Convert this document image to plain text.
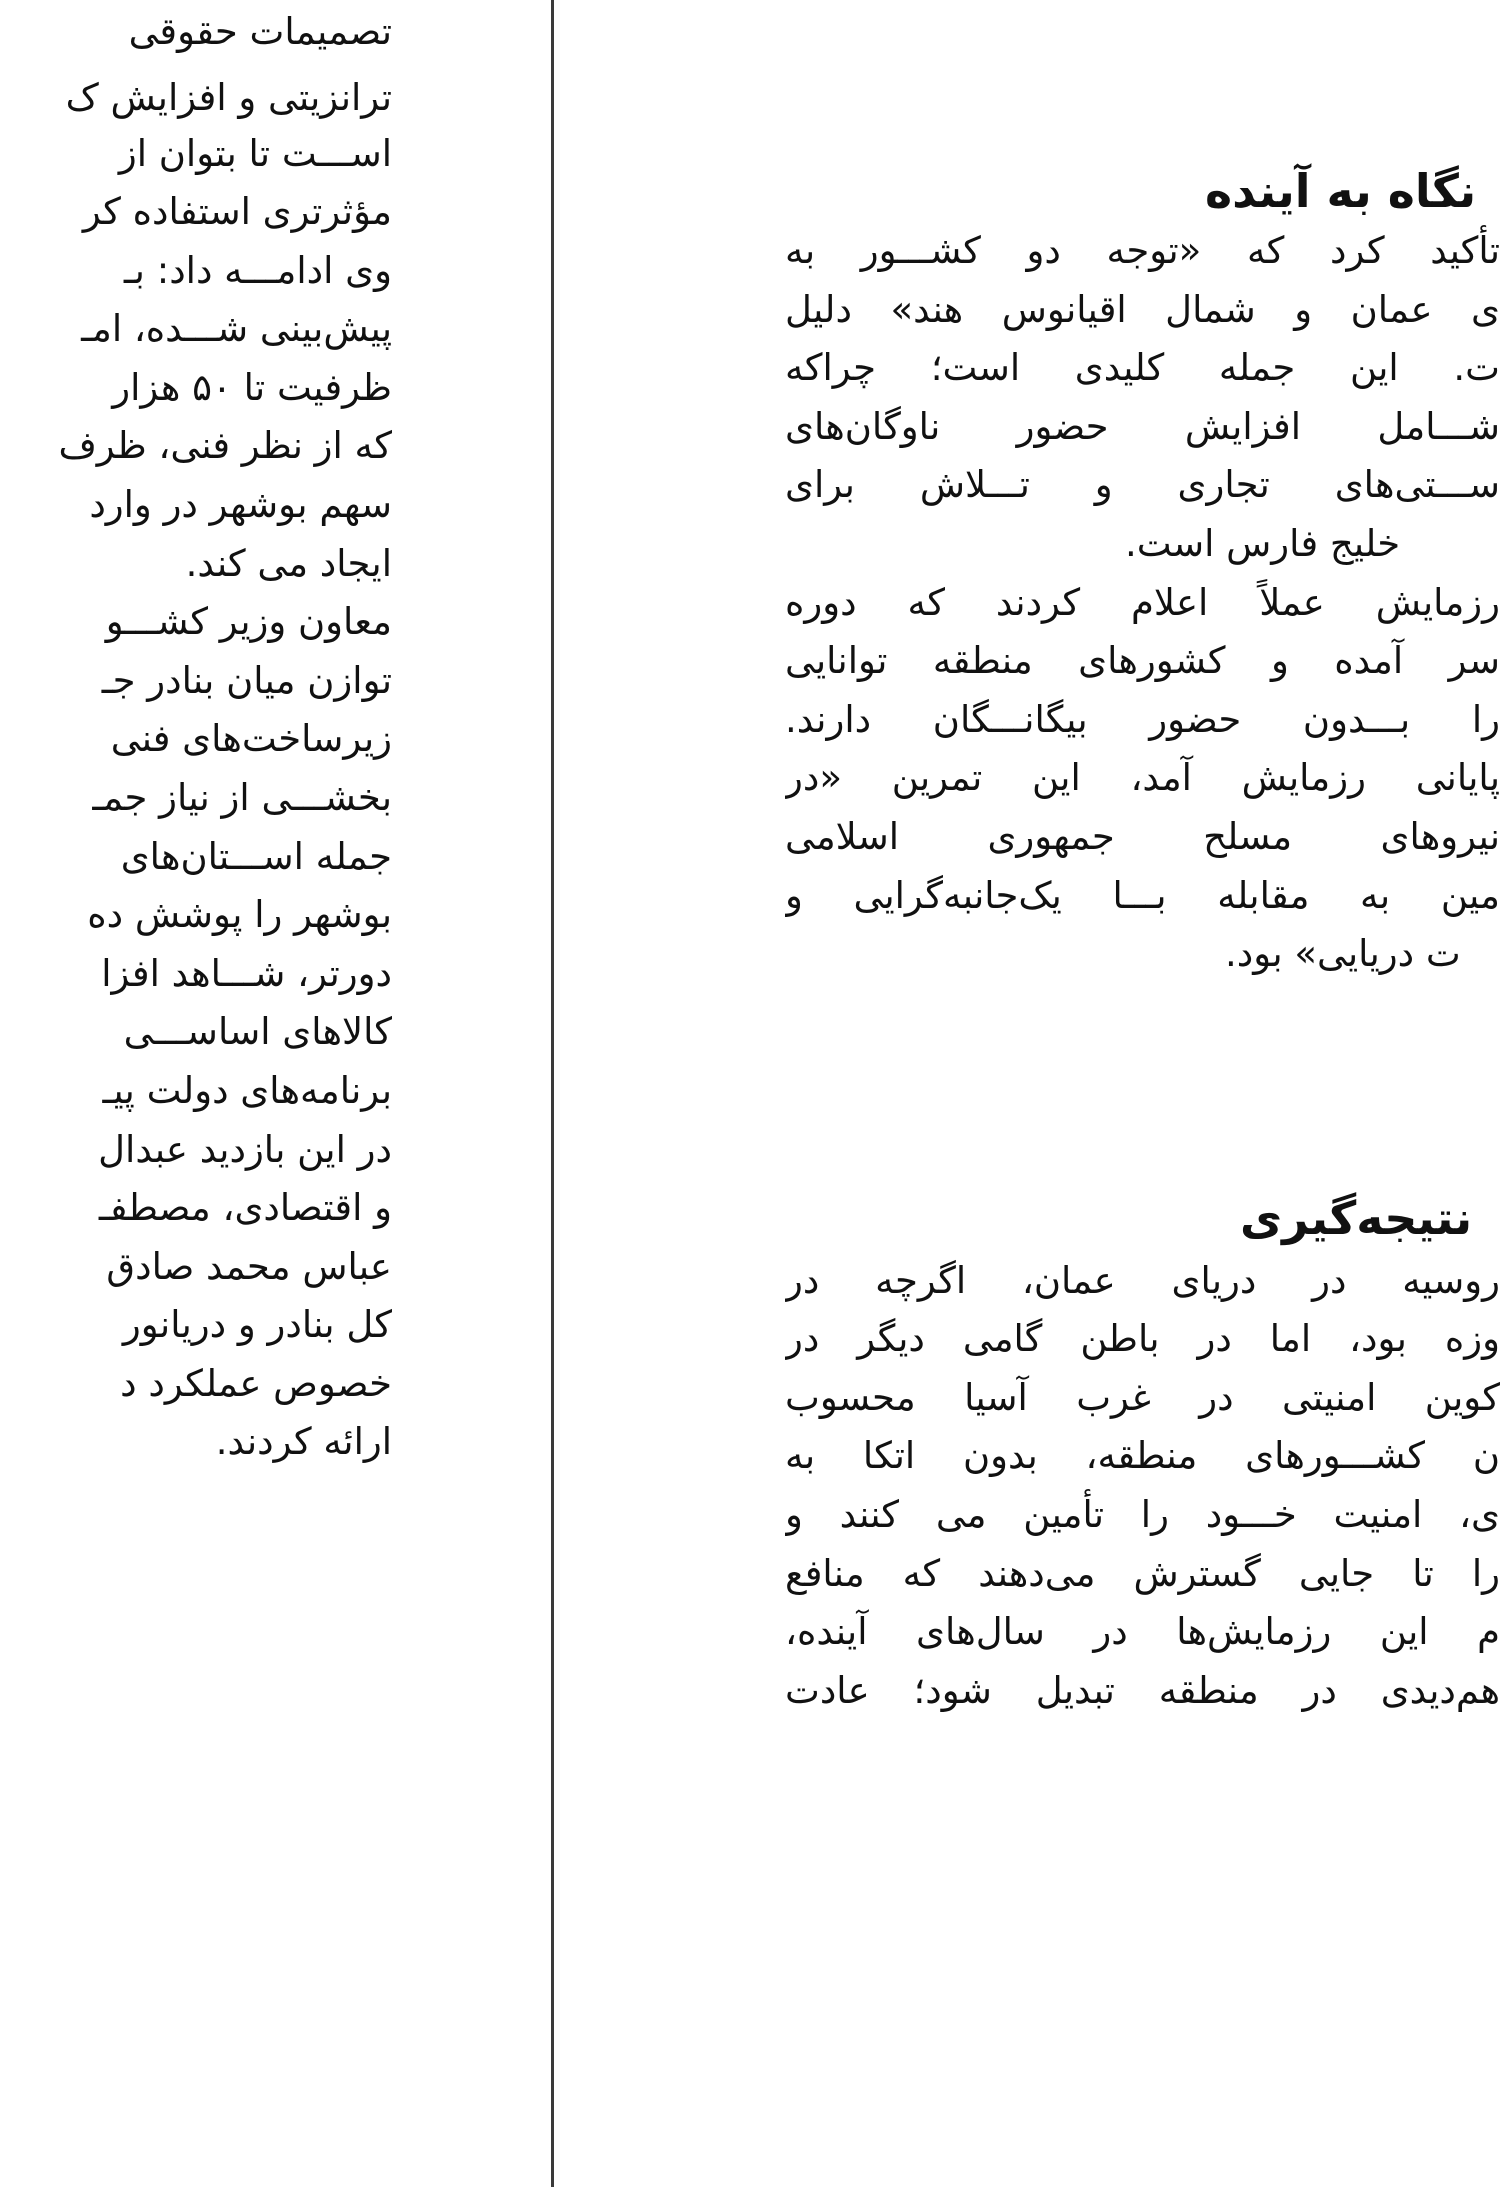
تصمیمات حقوقی
ترانزیتی و افزایش ک
اســـت تا بتوان از
مؤثرتری استفاده کر
وی ادامـــه داد: بـ
پیش‌بینی شـــده، امـ
ظرفیت تا ۵۰ هزار
که از نظر فنی، ظرف
سهم بوشهر در وارد
ایجاد می کند.
معاون وزیر کشـــو
توازن میان بنادر جـ
زیرساخت‌های فنی
بخشـــی از نیاز جمـ
جمله اســـتان‌های
بوشهر را پوشش ده
دورتر، شـــاهد افزا
کالاهای اساســـی
برنامه‌های دولت پیـ
در این بازدید عبدال
و اقتصادی، مصطفـ
عباس محمد صادق
کل بنادر و دریانور
خصوص عملکرد د
ارائه کردند.
نگاه به آینده
تأکید کرد که «توجه دو کشـــور به
ی عمان و شمال اقیانوس هند» دلیل
ت. این جمله کلیدی است؛ چراکه
شـــامل افزایش حضور ناوگان‌های
ســـتی‌های تجاری و تـــلاش برای
خلیج فارس است.
رزمایش عملاً اعلام کردند که دوره
سر آمده و کشورهای منطقه توانایی
را بـــدون حضور بیگانـــگان دارند.
پایانی رزمایش آمد، این تمرین «در
نیروهای مسلح جمهوری اسلامی
مین به مقابله بـــا یک‌جانبه‌گرایی و
ت دریایی» بود.
نتیجه‌گیری
روسیه در دریای عمان، اگرچه در
وزه بود، اما در باطن گامی دیگر در
کوین امنیتی در غرب آسیا محسوب
ن کشـــورهای منطقه، بدون اتکا به
ی، امنیت خـــود را تأمین می کنند و
را تا جایی گسترش می‌دهند که منافع
م این رزمایش‌ها در سال‌های آینده،
هم‌دیدی در منطقه تبدیل شود؛ عادت
